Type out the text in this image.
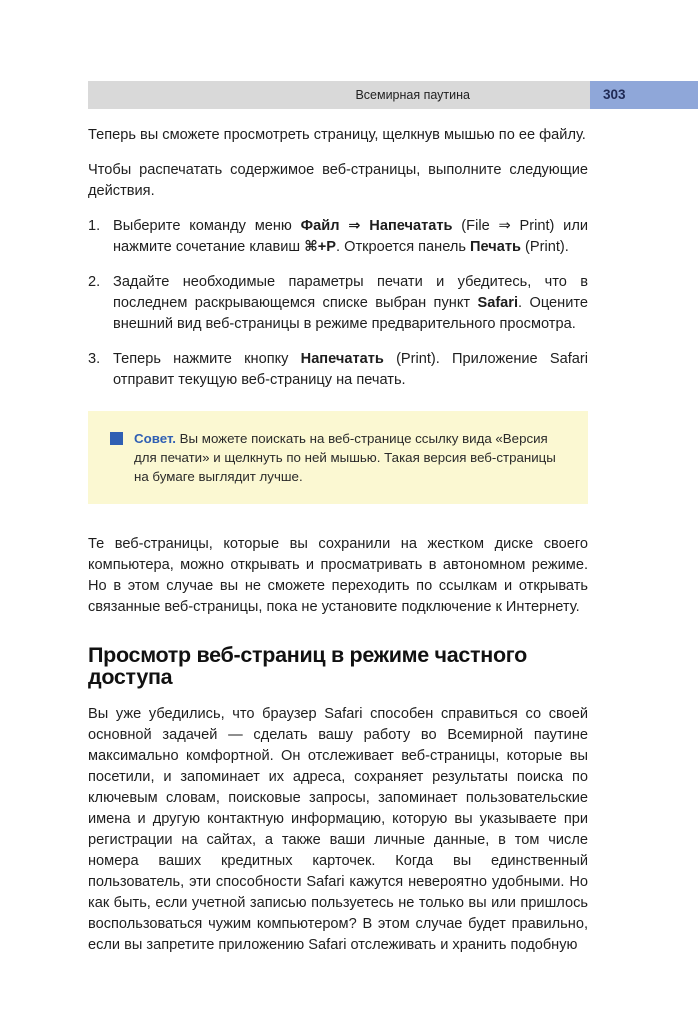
Всемирная паутина	303

Теперь вы сможете просмотреть страницу, щелкнув мышью по ее файлу.

Чтобы распечатать содержимое веб-страницы, выполните следующие действия.

1. Выберите команду меню Файл ⇒ Напечатать (File ⇒ Print) или нажмите сочетание клавиш ⌘+P. Откроется панель Печать (Print).
2. Задайте необходимые параметры печати и убедитесь, что в последнем раскрывающемся списке выбран пункт Safari. Оцените внешний вид веб-страницы в режиме предварительного просмотра.
3. Теперь нажмите кнопку Напечатать (Print). Приложение Safari отправит текущую веб-страницу на печать.
Совет. Вы можете поискать на веб-странице ссылку вида «Версия для печати» и щелкнуть по ней мышью. Такая версия веб-страницы на бумаге выглядит лучше.

Те веб-страницы, которые вы сохранили на жестком диске своего компьютера, можно открывать и просматривать в автономном режиме. Но в этом случае вы не сможете переходить по ссылкам и открывать связанные веб-страницы, пока не установите подключение к Интернету.

Просмотр веб-страниц в режиме частного доступа

Вы уже убедились, что браузер Safari способен справиться со своей основной задачей — сделать вашу работу во Всемирной паутине максимально комфортной. Он отслеживает веб-страницы, которые вы посетили, и запоминает их адреса, сохраняет результаты поиска по ключевым словам, поисковые запросы, запоминает пользовательские имена и другую контактную информацию, которую вы указываете при регистрации на сайтах, а также ваши личные данные, в том числе номера ваших кредитных карточек. Когда вы единственный пользователь, эти способности Safari кажутся невероятно удобными. Но как быть, если учетной записью пользуетесь не только вы или пришлось воспользоваться чужим компьютером? В этом случае будет правильно, если вы запретите приложению Safari отслеживать и хранить подобную
